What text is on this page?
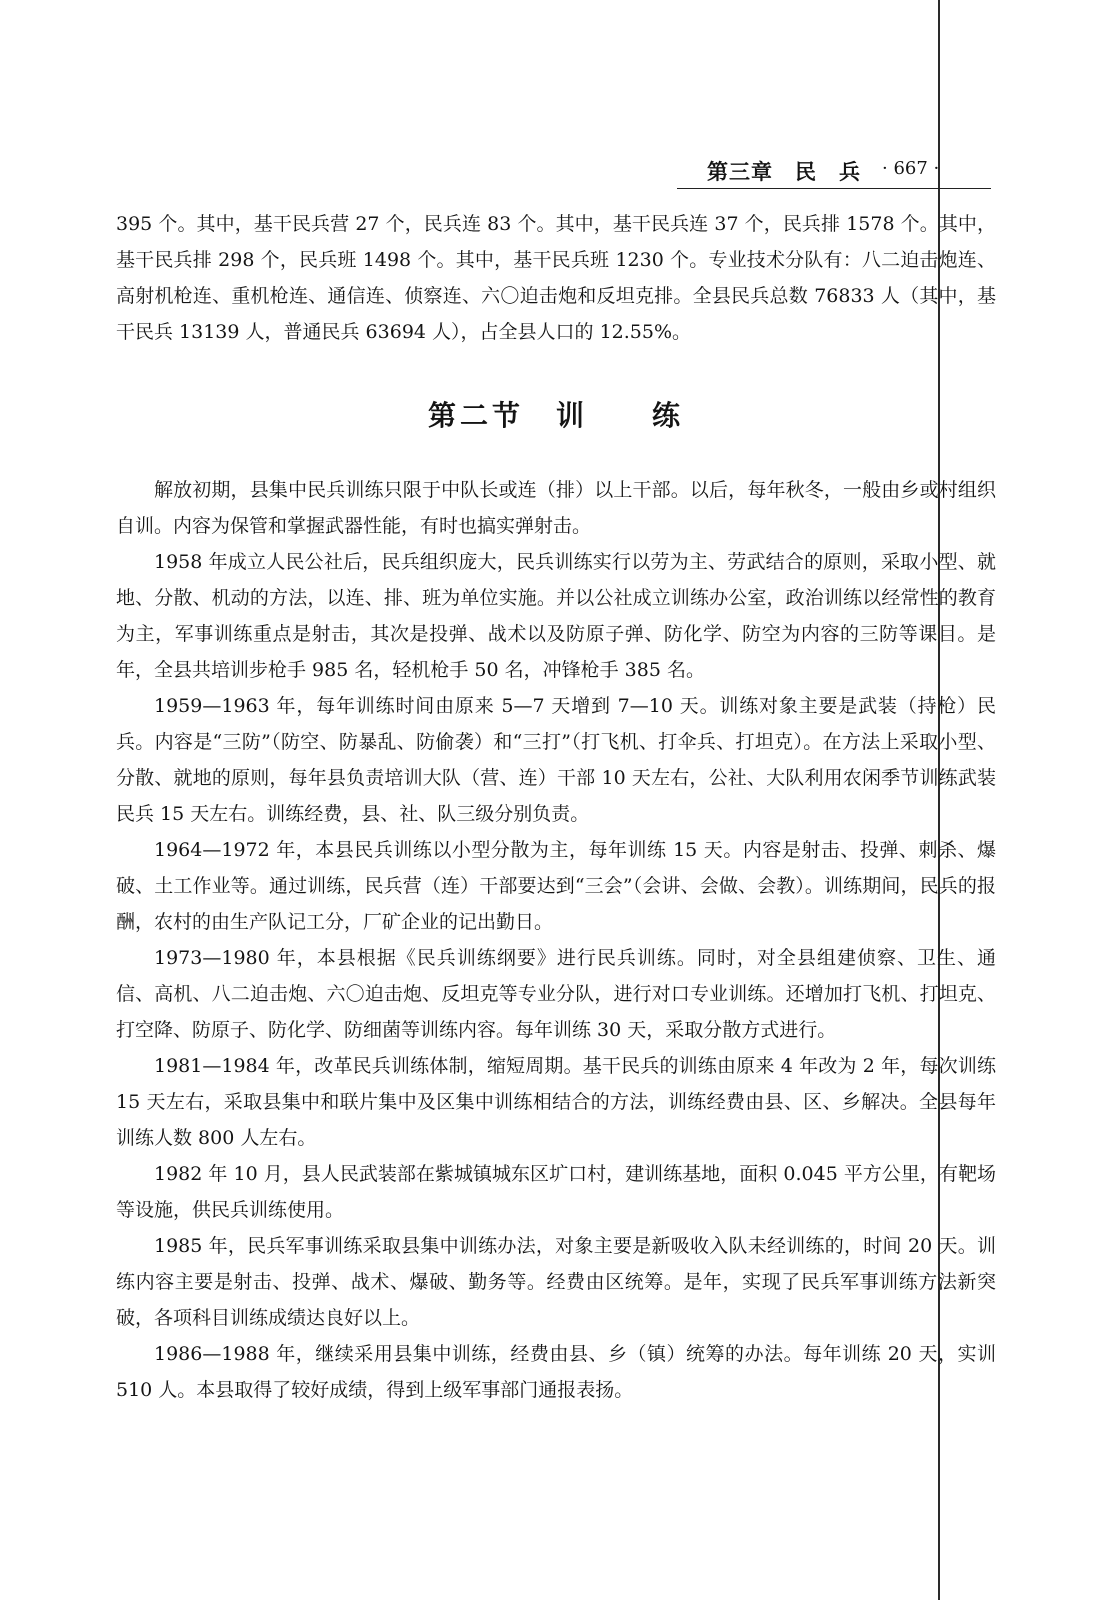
第三章　民　兵 · 667 ·

395 个。其中，基干民兵营 27 个，民兵连 83 个。其中，基干民兵连 37 个，民兵排 1578 个。其中，基干民兵排 298 个，民兵班 1498 个。其中，基干民兵班 1230 个。专业技术分队有：八二迫击炮连、高射机枪连、重机枪连、通信连、侦察连、六〇迫击炮和反坦克排。全县民兵总数 76833 人（其中，基干民兵 13139 人，普通民兵 63694 人），占全县人口的 12.55%。

第二节　训　　练

解放初期，县集中民兵训练只限于中队长或连（排）以上干部。以后，每年秋冬，一般由乡或村组织自训。内容为保管和掌握武器性能，有时也搞实弹射击。

1958 年成立人民公社后，民兵组织庞大，民兵训练实行以劳为主、劳武结合的原则，采取小型、就地、分散、机动的方法，以连、排、班为单位实施。并以公社成立训练办公室，政治训练以经常性的教育为主，军事训练重点是射击，其次是投弹、战术以及防原子弹、防化学、防空为内容的三防等课目。是年，全县共培训步枪手 985 名，轻机枪手 50 名，冲锋枪手 385 名。

1959—1963 年，每年训练时间由原来 5—7 天增到 7—10 天。训练对象主要是武装（持枪）民兵。内容是“三防”（防空、防暴乱、防偷袭）和“三打”（打飞机、打伞兵、打坦克）。在方法上采取小型、分散、就地的原则，每年县负责培训大队（营、连）干部 10 天左右，公社、大队利用农闲季节训练武装民兵 15 天左右。训练经费，县、社、队三级分别负责。

1964—1972 年，本县民兵训练以小型分散为主，每年训练 15 天。内容是射击、投弹、刺杀、爆破、土工作业等。通过训练，民兵营（连）干部要达到“三会”（会讲、会做、会教）。训练期间，民兵的报酬，农村的由生产队记工分，厂矿企业的记出勤日。

1973—1980 年，本县根据《民兵训练纲要》进行民兵训练。同时，对全县组建侦察、卫生、通信、高机、八二迫击炮、六〇迫击炮、反坦克等专业分队，进行对口专业训练。还增加打飞机、打坦克、打空降、防原子、防化学、防细菌等训练内容。每年训练 30 天，采取分散方式进行。

1981—1984 年，改革民兵训练体制，缩短周期。基干民兵的训练由原来 4 年改为 2 年，每次训练 15 天左右，采取县集中和联片集中及区集中训练相结合的方法，训练经费由县、区、乡解决。全县每年训练人数 800 人左右。

1982 年 10 月，县人民武装部在紫城镇城东区圹口村，建训练基地，面积 0.045 平方公里，有靶场等设施，供民兵训练使用。

1985 年，民兵军事训练采取县集中训练办法，对象主要是新吸收入队未经训练的，时间 20 天。训练内容主要是射击、投弹、战术、爆破、勤务等。经费由区统筹。是年，实现了民兵军事训练方法新突破，各项科目训练成绩达良好以上。

1986—1988 年，继续采用县集中训练，经费由县、乡（镇）统筹的办法。每年训练 20 天，实训 510 人。本县取得了较好成绩，得到上级军事部门通报表扬。
